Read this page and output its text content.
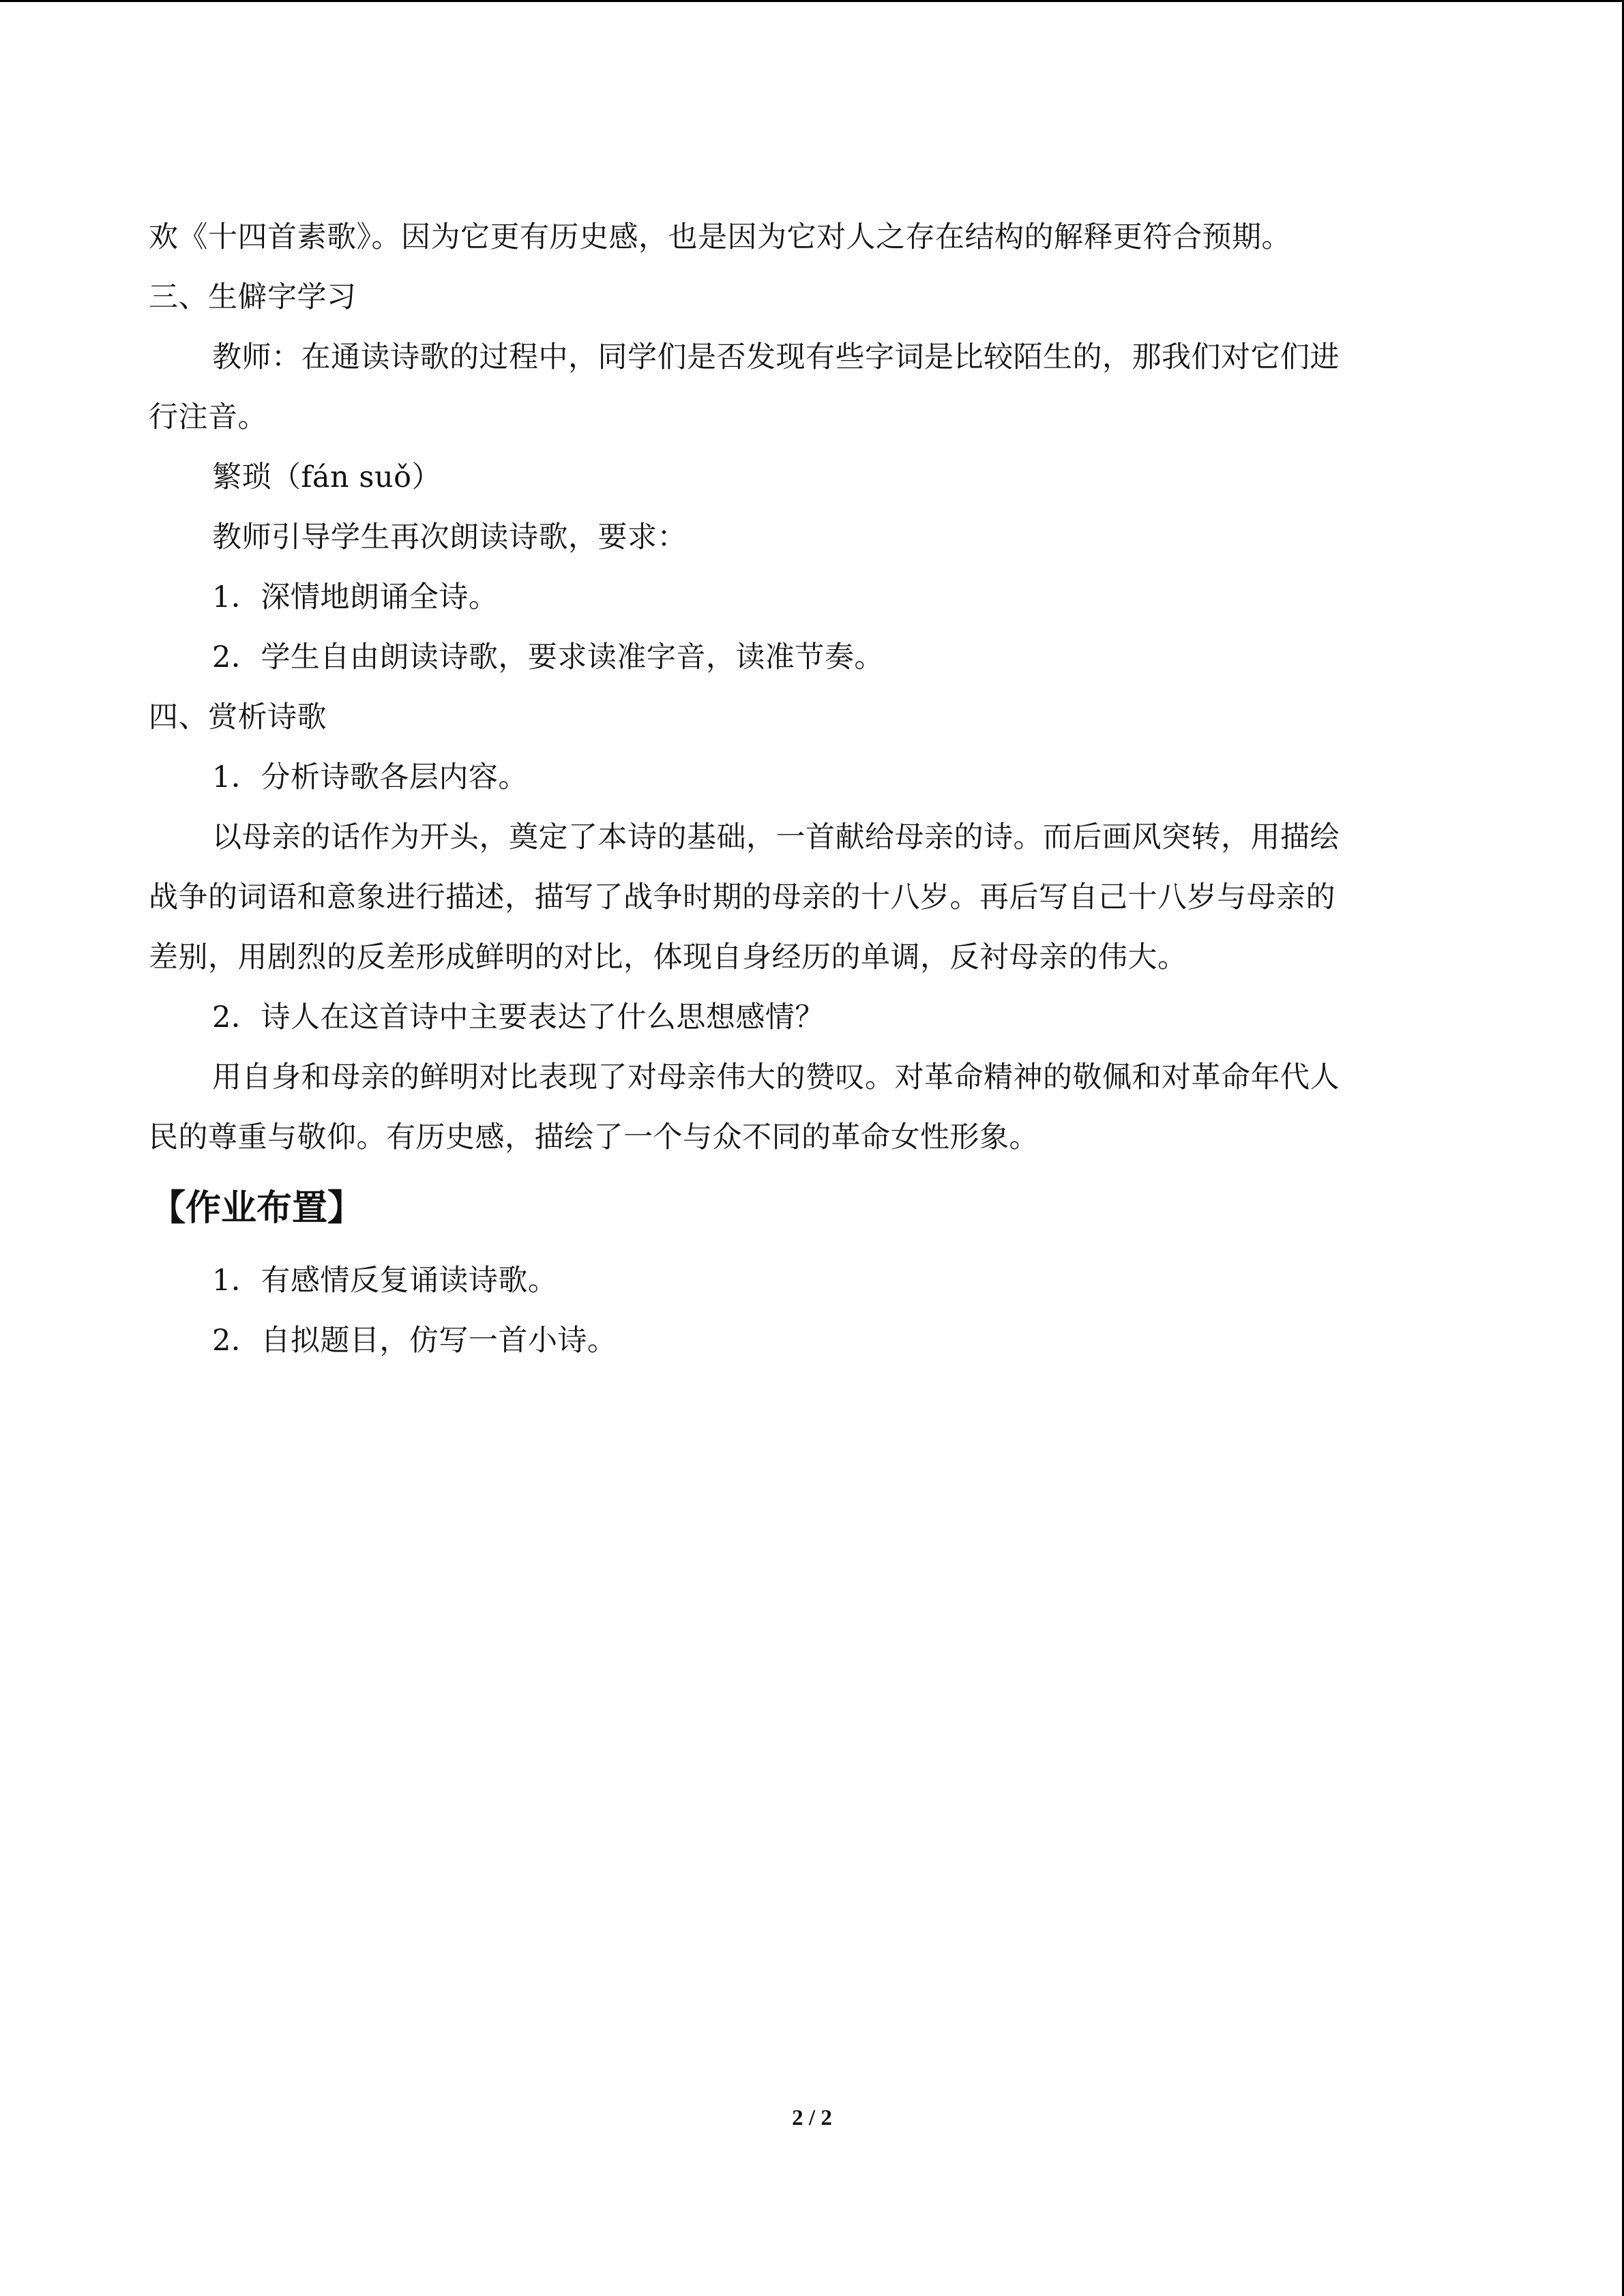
欢《十四首素歌》。因为它更有历史感，也是因为它对人之存在结构的解释更符合预期。
三、生僻字学习
教师：在通读诗歌的过程中，同学们是否发现有些字词是比较陌生的，那我们对它们进
行注音。
繁琐（fán suǒ）
教师引导学生再次朗读诗歌，要求：
1．深情地朗诵全诗。
2．学生自由朗读诗歌，要求读准字音，读准节奏。
四、赏析诗歌
1．分析诗歌各层内容。
以母亲的话作为开头，奠定了本诗的基础，一首献给母亲的诗。而后画风突转，用描绘
战争的词语和意象进行描述，描写了战争时期的母亲的十八岁。再后写自己十八岁与母亲的
差别，用剧烈的反差形成鲜明的对比，体现自身经历的单调，反衬母亲的伟大。
2．诗人在这首诗中主要表达了什么思想感情？
用自身和母亲的鲜明对比表现了对母亲伟大的赞叹。对革命精神的敬佩和对革命年代人
民的尊重与敬仰。有历史感，描绘了一个与众不同的革命女性形象。
【作业布置】
1．有感情反复诵读诗歌。
2．自拟题目，仿写一首小诗。
2 / 2
